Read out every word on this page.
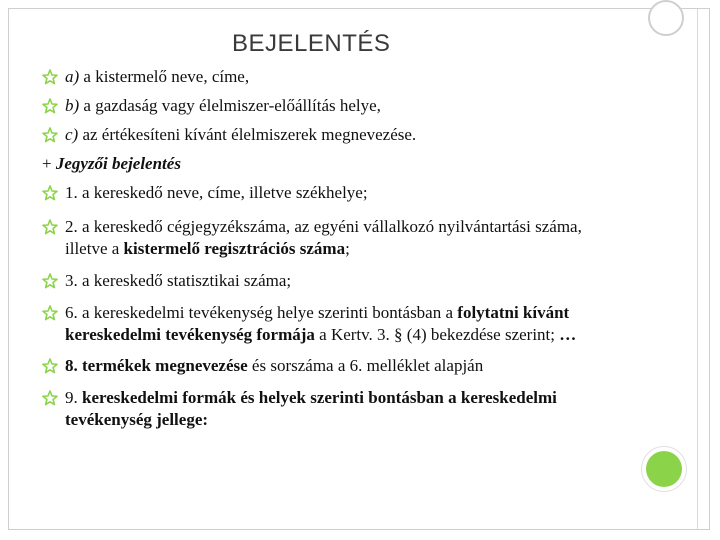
BEJELENTÉS
a) a kistermelő neve, címe,
b) a gazdaság vagy élelmiszer-előállítás helye,
c) az értékesíteni kívánt élelmiszerek megnevezése.
+ Jegyzői bejelentés
1. a kereskedő neve, címe, illetve székhelye;
2. a kereskedő cégjegyzékszáma, az egyéni vállalkozó nyilvántartási száma,
illetve a kistermelő regisztrációs száma;
3. a kereskedő statisztikai száma;
6. a kereskedelmi tevékenység helye szerinti bontásban a folytatni kívánt
kereskedelmi tevékenység formája a Kertv. 3. § (4) bekezdése szerint; …
8. termékek megnevezése és sorszáma a 6. melléklet alapján
9. kereskedelmi formák és helyek szerinti bontásban a kereskedelmi
tevékenység jellege:
